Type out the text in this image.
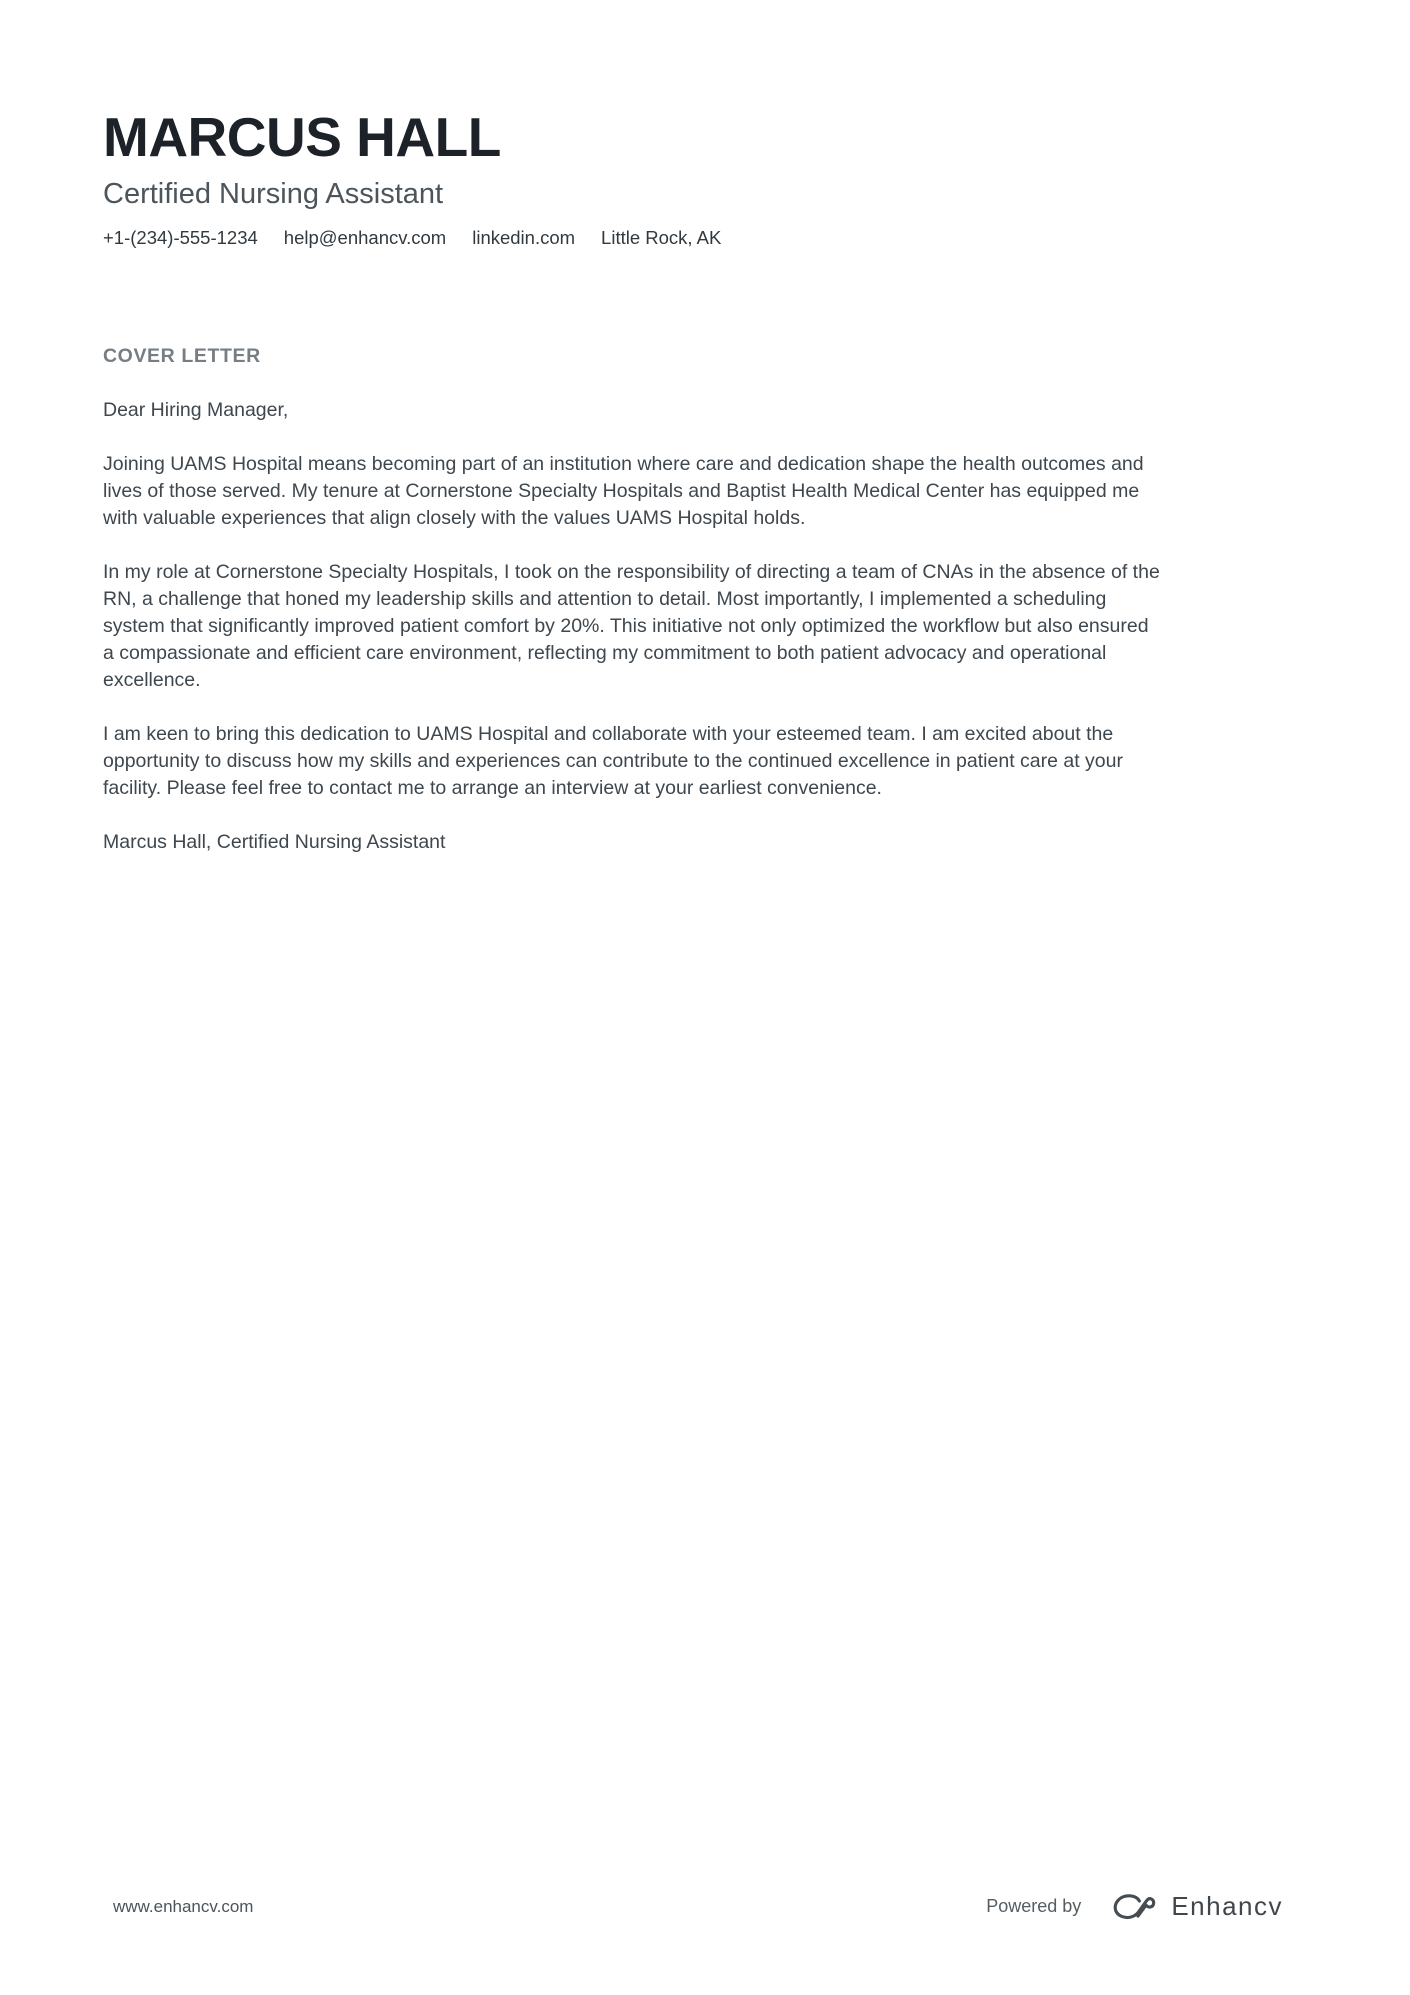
MARCUS HALL
Certified Nursing Assistant
+1-(234)-555-1234 help@enhancv.com linkedin.com Little Rock, AK
COVER LETTER

Dear Hiring Manager,

Joining UAMS Hospital means becoming part of an institution where care and dedication shape the health outcomes and lives of those served. My tenure at Cornerstone Specialty Hospitals and Baptist Health Medical Center has equipped me with valuable experiences that align closely with the values UAMS Hospital holds.

In my role at Cornerstone Specialty Hospitals, I took on the responsibility of directing a team of CNAs in the absence of the RN, a challenge that honed my leadership skills and attention to detail. Most importantly, I implemented a scheduling system that significantly improved patient comfort by 20%. This initiative not only optimized the workflow but also ensured a compassionate and efficient care environment, reflecting my commitment to both patient advocacy and operational excellence.

I am keen to bring this dedication to UAMS Hospital and collaborate with your esteemed team. I am excited about the opportunity to discuss how my skills and experiences can contribute to the continued excellence in patient care at your facility. Please feel free to contact me to arrange an interview at your earliest convenience.

Marcus Hall, Certified Nursing Assistant

www.enhancv.com	Powered by	Enhancv
